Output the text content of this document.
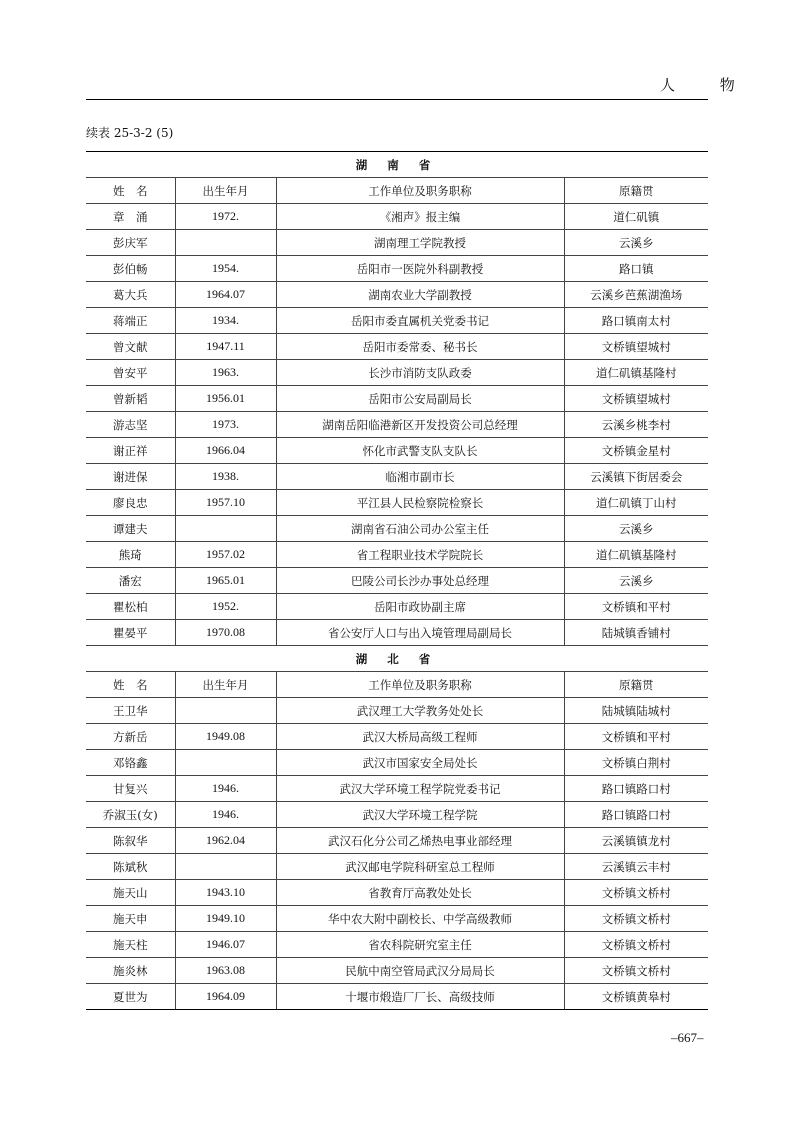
人 物
续表 25-3-2 (5)
湖 南 省			
姓　名	出生年月	工作单位及职务职称	原籍贯
章　涌	1972.	《湘声》报主编	道仁矶镇
彭庆军		湖南理工学院教授	云溪乡
彭伯畅	1954.	岳阳市一医院外科副教授	路口镇
葛大兵	1964.07	湖南农业大学副教授	云溪乡芭蕉湖渔场
蒋端正	1934.	岳阳市委直属机关党委书记	路口镇南太村
曾文献	1947.11	岳阳市委常委、秘书长	文桥镇望城村
曾安平	1963.	长沙市消防支队政委	道仁矶镇基隆村
曾新韬	1956.01	岳阳市公安局副局长	文桥镇望城村
游志坚	1973.	湖南岳阳临港新区开发投资公司总经理	云溪乡桃李村
谢正祥	1966.04	怀化市武警支队支队长	文桥镇金星村
谢进保	1938.	临湘市副市长	云溪镇下街居委会
廖良忠	1957.10	平江县人民检察院检察长	道仁矶镇丁山村
谭建夫		湖南省石油公司办公室主任	云溪乡
熊琦	1957.02	省工程职业技术学院院长	道仁矶镇基隆村
潘宏	1965.01	巴陵公司长沙办事处总经理	云溪乡
瞿松柏	1952.	岳阳市政协副主席	文桥镇和平村
瞿晏平	1970.08	省公安厅人口与出入境管理局副局长	陆城镇香铺村
湖 北 省			
姓　名	出生年月	工作单位及职务职称	原籍贯
王卫华		武汉理工大学教务处处长	陆城镇陆城村
方新岳	1949.08	武汉大桥局高级工程师	文桥镇和平村
邓铬鑫		武汉市国家安全局处长	文桥镇白荆村
甘复兴	1946.	武汉大学环境工程学院党委书记	路口镇路口村
乔淑玉(女)	1946.	武汉大学环境工程学院	路口镇路口村
陈叙华	1962.04	武汉石化分公司乙烯热电事业部经理	云溪镇镇龙村
陈斌秋		武汉邮电学院科研室总工程师	云溪镇云丰村
施天山	1943.10	省教育厅高教处处长	文桥镇文桥村
施天申	1949.10	华中农大附中副校长、中学高级教师	文桥镇文桥村
施天柱	1946.07	省农科院研究室主任	文桥镇文桥村
施炎林	1963.08	民航中南空管局武汉分局局长	文桥镇文桥村
夏世为	1964.09	十堰市煅造厂厂长、高级技师	文桥镇黄皋村
–667–
